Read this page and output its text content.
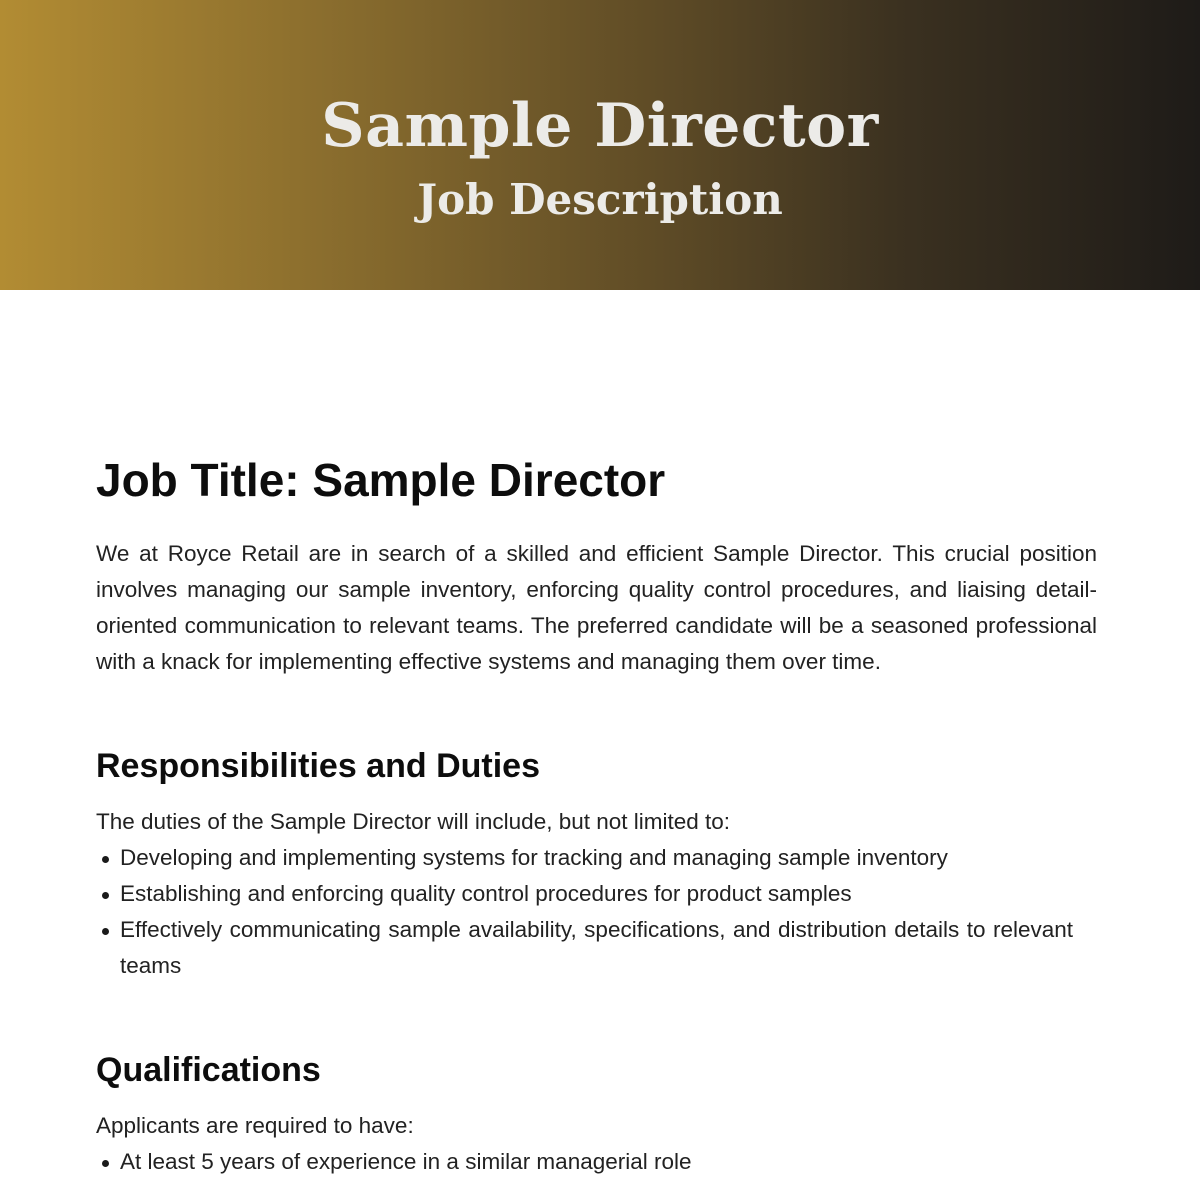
Sample Director
Job Description
Job Title: Sample Director

We at Royce Retail are in search of a skilled and efficient Sample Director. This crucial position involves managing our sample inventory, enforcing quality control procedures, and liaising detail-oriented communication to relevant teams. The preferred candidate will be a seasoned professional with a knack for implementing effective systems and managing them over time.

Responsibilities and Duties

The duties of the Sample Director will include, but not limited to:

Developing and implementing systems for tracking and managing sample inventory
Establishing and enforcing quality control procedures for product samples
Effectively communicating sample availability, specifications, and distribution details to relevant teams
Qualifications

Applicants are required to have:

At least 5 years of experience in a similar managerial role
